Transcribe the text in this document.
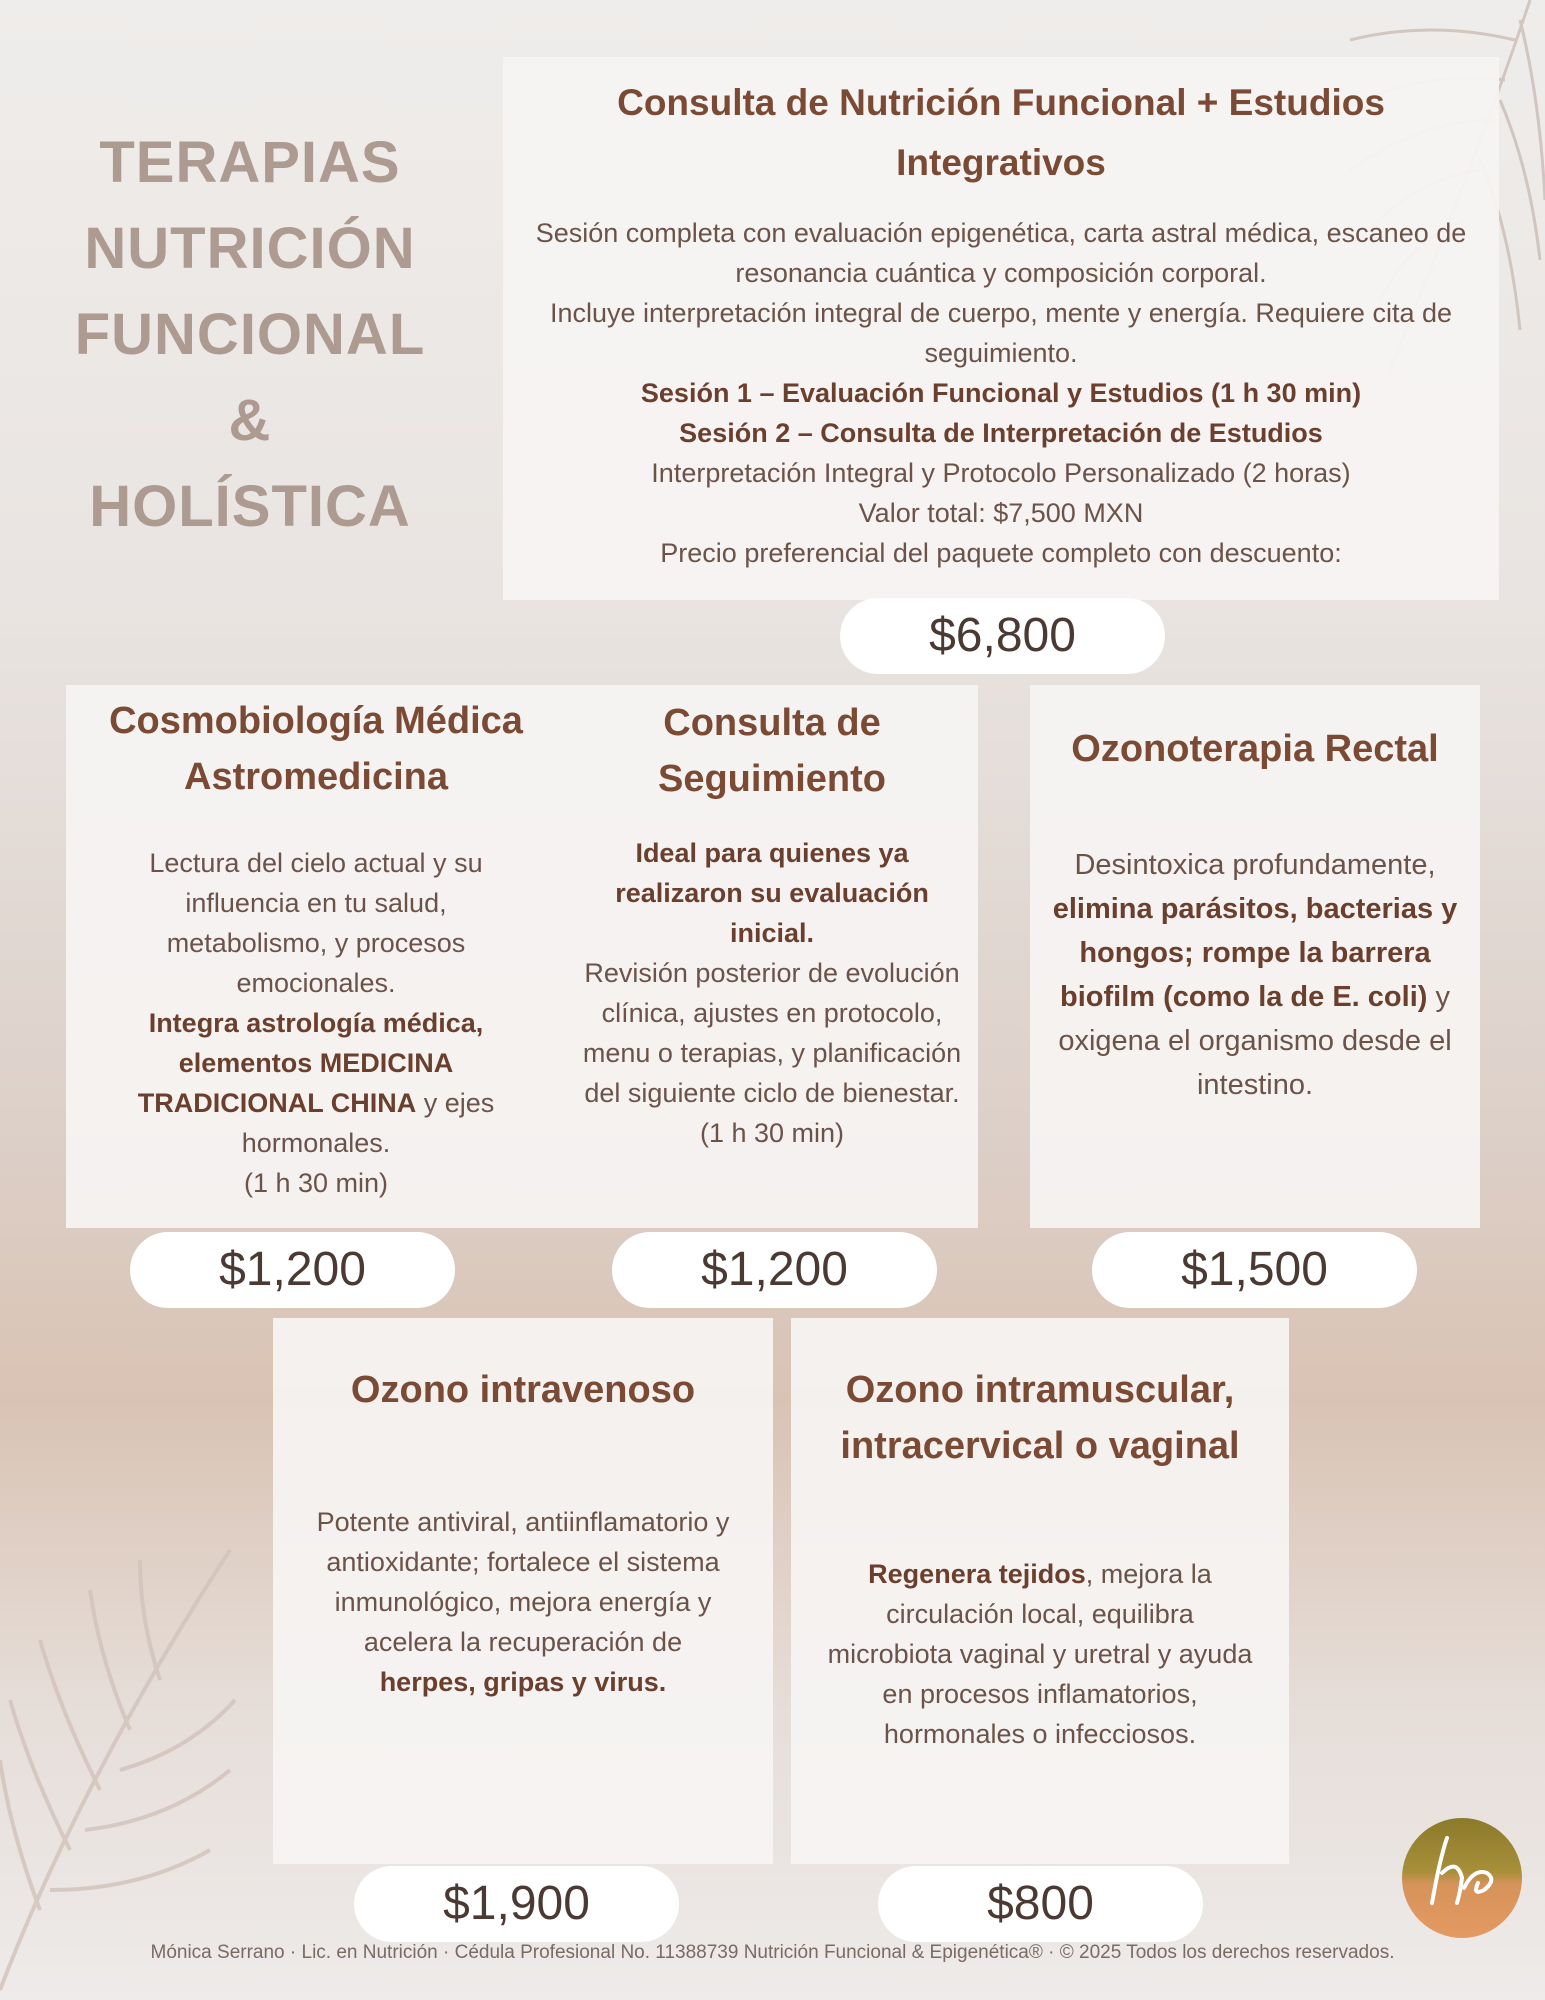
TERAPIAS
NUTRICIÓN
FUNCIONAL
&
HOLÍSTICA
Consulta de Nutrición Funcional + Estudios Integrativos

Sesión completa con evaluación epigenética, carta astral médica, escaneo de resonancia cuántica y composición corporal.

Incluye interpretación integral de cuerpo, mente y energía. Requiere cita de seguimiento.

Sesión 1 – Evaluación Funcional y Estudios (1 h 30 min)

Sesión 2 – Consulta de Interpretación de Estudios

Interpretación Integral y Protocolo Personalizado (2 horas)

Valor total: $7,500 MXN

Precio preferencial del paquete completo con descuento:

$6,800
Cosmobiología Médica Astromedicina

Lectura del cielo actual y su influencia en tu salud, metabolismo, y procesos emocionales.
Integra astrología médica, elementos MEDICINA TRADICIONAL CHINA y ejes hormonales.
(1 h 30 min)

$1,200
Consulta de Seguimiento

Ideal para quienes ya realizaron su evaluación inicial.
Revisión posterior de evolución clínica, ajustes en protocolo, menu o terapias, y planificación del siguiente ciclo de bienestar.
(1 h 30 min)

$1,200
Ozonoterapia Rectal

Desintoxica profundamente, elimina parásitos, bacterias y hongos; rompe la barrera biofilm (como la de E. coli) y oxigena el organismo desde el intestino.

$1,500
Ozono intravenoso

Potente antiviral, antiinflamatorio y antioxidante; fortalece el sistema inmunológico, mejora energía y acelera la recuperación de
herpes, gripas y virus.

$1,900
Ozono intramuscular, intracervical o vaginal

Regenera tejidos, mejora la circulación local, equilibra microbiota vaginal y uretral y ayuda en procesos inflamatorios, hormonales o infecciosos.

$800
Mónica Serrano · Lic. en Nutrición · Cédula Profesional No. 11388739 Nutrición Funcional & Epigenética® · © 2025 Todos los derechos reservados.
